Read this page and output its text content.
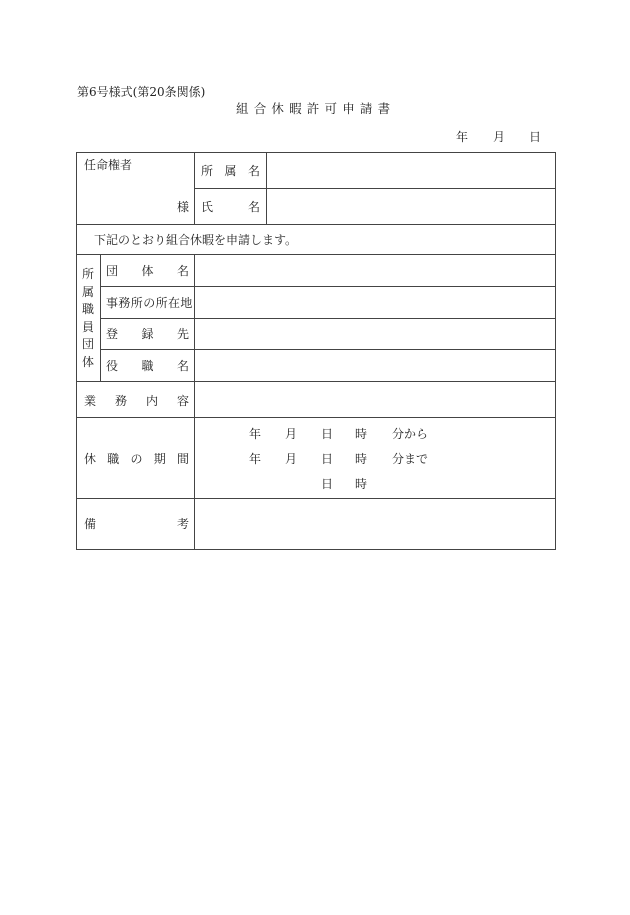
第6号様式(第20条関係)
組合休暇許可申請書
年 月 日
任命権者
様
所 属 名
氏	名
下記のとおり組合休暇を申請します。
所属職員団体
団 体 名
事務所の所在地
登 録 先
役 職 名
業 務 内 容
休 職 の 期 間
年 月 日 時 分から
年 月 日 時 分まで
日 時
備	考
